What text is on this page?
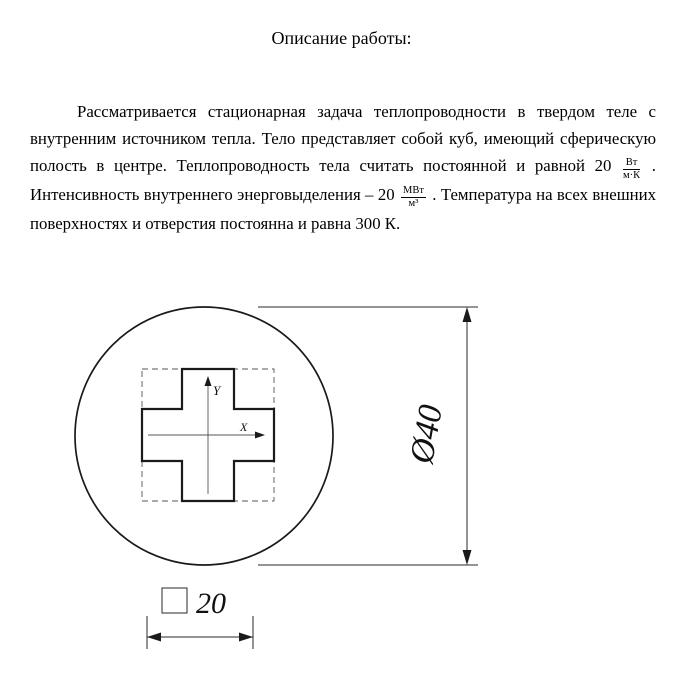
Описание работы:

Рассматривается стационарная задача теплопроводности в твердом теле с внутренним источником тепла. Тело представляет собой куб, имеющий сферическую полость в центре. Теплопроводность тела считать постоянной и равной $20 \frac{Вт}{м\cdot К}$ . Интенсивность внутреннего энерговыделения – $20 \frac{\text{МВт}}{\text{м³}}$ . Температура на всех внешних поверхностях и отверстия постоянна и равна 300 К.

Y
X	Ø40
20
